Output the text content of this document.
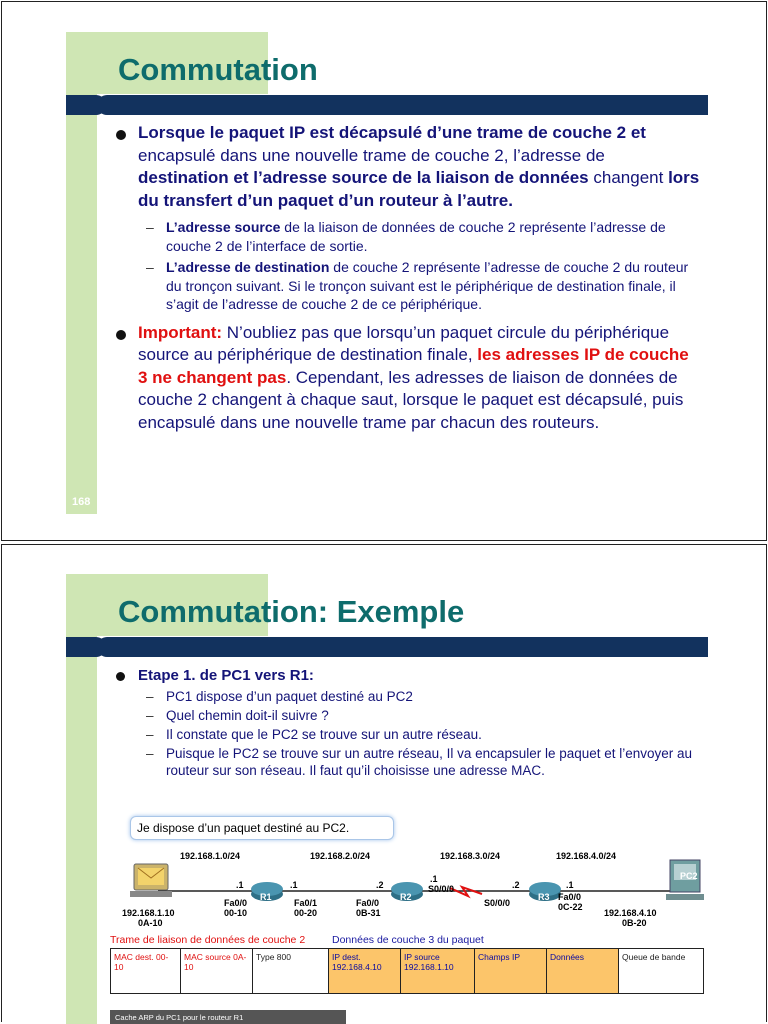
Commutation
168
Lorsque le paquet IP est décapsulé d’une trame de couche 2 et encapsulé dans une nouvelle trame de couche 2, l’adresse de destination et l’adresse source de la liaison de données changent lors du transfert d’un paquet d’un routeur à l’autre.
– L’adresse source de la liaison de données de couche 2 représente l’adresse de couche 2 de l’interface de sortie.
– L’adresse de destination de couche 2 représente l’adresse de couche 2 du routeur du tronçon suivant. Si le tronçon suivant est le périphérique de destination finale, il s’agit de l’adresse de couche 2 de ce périphérique.
Important: N’oubliez pas que lorsqu’un paquet circule du périphérique source au périphérique de destination finale, les adresses IP de couche 3 ne changent pas. Cependant, les adresses de liaison de données de couche 2 changent à chaque saut, lorsque le paquet est décapsulé, puis encapsulé dans une nouvelle trame par chacun des routeurs.
Commutation: Exemple
Etape 1. de PC1 vers R1:
– PC1 dispose d’un paquet destiné au PC2
– Quel chemin doit-il suivre ?
– Il constate que le PC2 se trouve sur un autre réseau.
– Puisque le PC2 se trouve sur un autre réseau, Il va encapsuler le paquet et l’envoyer au routeur sur son réseau. Il faut qu’il choisisse une adresse MAC.
Je dispose d’un paquet destiné au PC2.
R1	R2	R3
PC2
192.168.1.0/24	192.168.2.0/24	192.168.3.0/24	192.168.4.0/24
192.168.1.10
0A-10
.1
Fa0/0
00-10
.1
Fa0/1
00-20
.2
Fa0/0
0B-31
.1
S0/0/0	.2
S0/0/0
.1
Fa0/0
0C-22
192.168.4.10
0B-20
Trame de liaison de données de couche 2	Données de couche 3 du paquet
MAC dest. 00-10	MAC source 0A-10	Type 800	IP dest. 192.168.4.10	IP source 192.168.1.10	Champs IP	Données	Queue de bande
Cache ARP du PC1 pour le routeur R1
